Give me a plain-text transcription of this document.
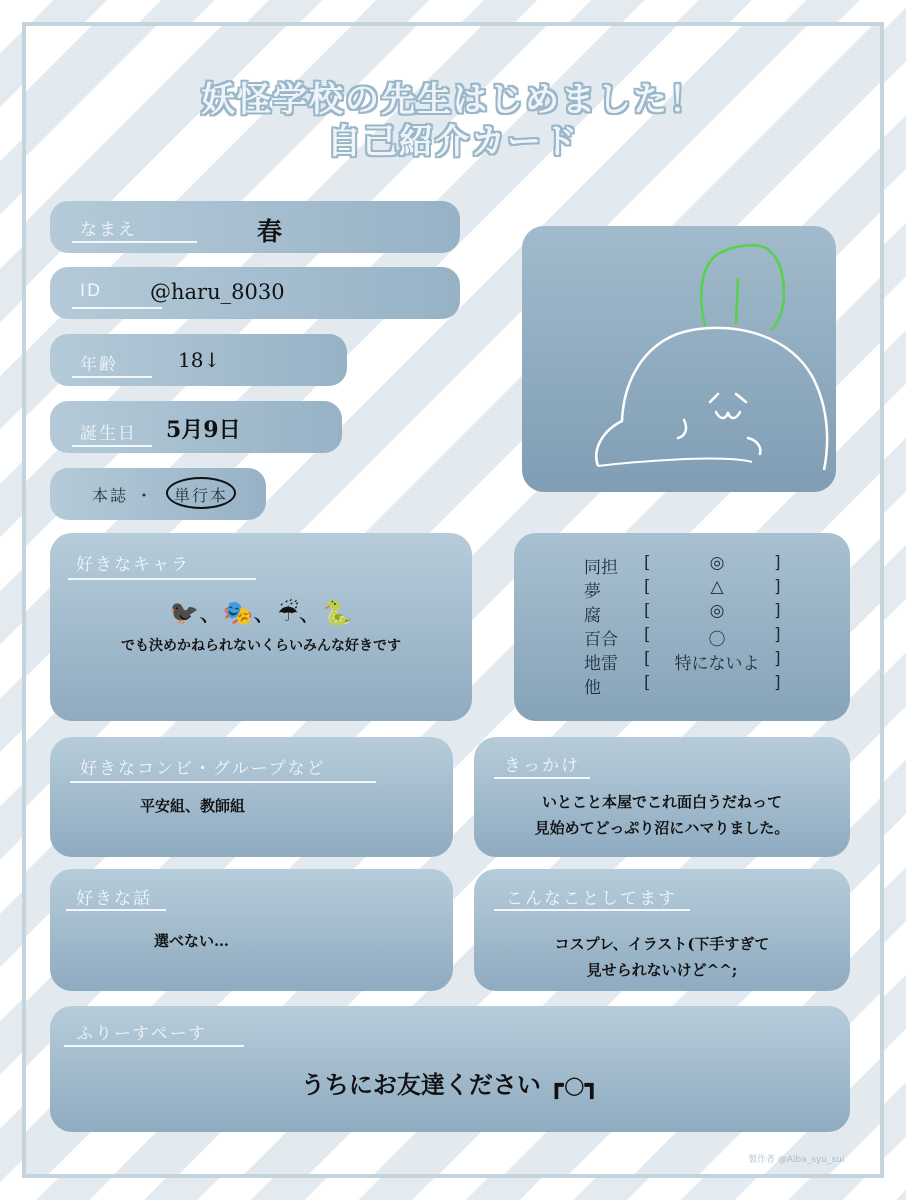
妖怪学校の先生はじめました！
自己紹介カード
なまえ	春
ID @haru_8030
年齢	18↓
誕生日 5月9日
本誌 ・ 単行本
好きなキャラ
🐦‍⬛、🎭、☔、🐍
でも決めかねられないくらいみんな好きです
同担 [	◎	]
夢	[	△	]
腐	[	◎	]
百合 [	〇	]
地雷 [	特にないよ ]
他	[	]
好きなコンビ・グループなど
平安組、教師組
きっかけ
いとこと本屋でこれ面白うだねって
見始めてどっぷり沼にハマりました。
好きな話
選べない…
こんなことしてます
コスプレ、イラスト(下手すぎて
見せられないけど^^;
ふりーすぺーす
うちにお友達ください ┏○┓
製作者 @Aiba_syu_sui
